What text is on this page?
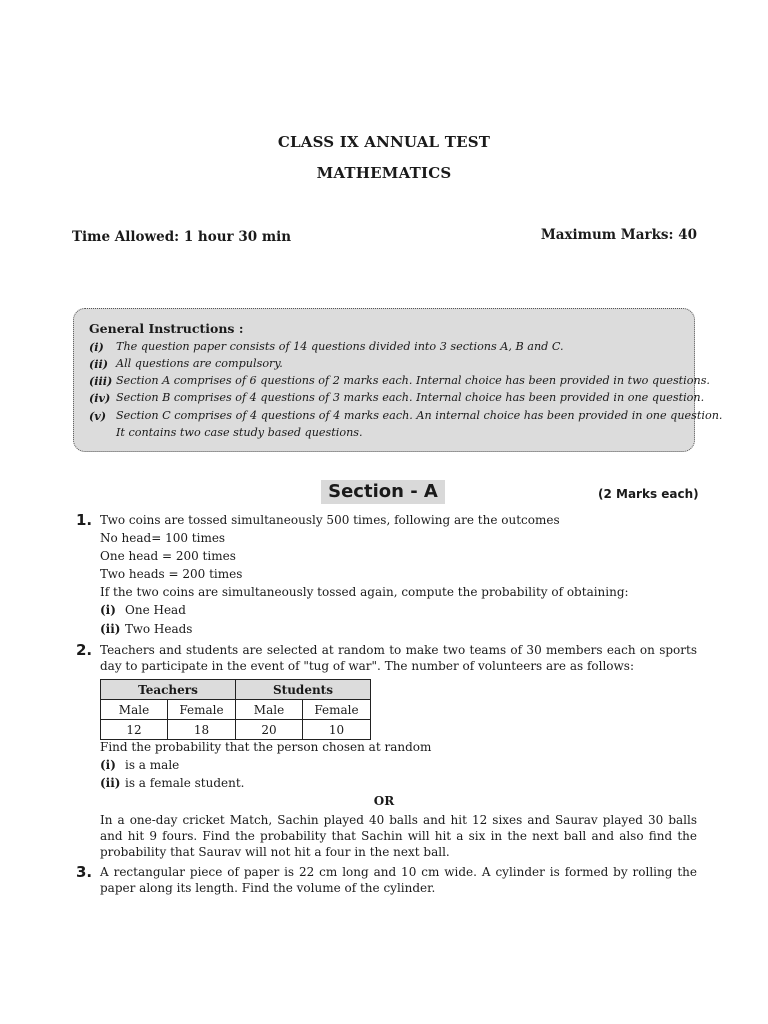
CLASS IX ANNUAL TEST
MATHEMATICS
Time Allowed: 1 hour 30 min	Maximum Marks: 40
General Instructions :
(i) The question paper consists of 14 questions divided into 3 sections A, B and C.
(ii) All questions are compulsory.
(iii) Section A comprises of 6 questions of 2 marks each. Internal choice has been provided in two questions.
(iv) Section B comprises of 4 questions of 3 marks each. Internal choice has been provided in one question.
(v) Section C comprises of 4 questions of 4 marks each. An internal choice has been provided in one question.
It contains two case study based questions.
Section - A	(2 Marks each)
1. Two coins are tossed simultaneously 500 times, following are the outcomes
No head= 100 times
One head = 200 times
Two heads = 200 times
If the two coins are simultaneously tossed again, compute the probability of obtaining:
(i) One Head
(ii) Two Heads
2. Teachers and students are selected at random to make two teams of 30 members each on sports day to participate in the event of "tug of war". The number of volunteers are as follows:
Teachers		Students	
Male	Female	Male	Female
12	18	20	10
Find the probability that the person chosen at random
(i) is a male
(ii) is a female student.
OR
In a one-day cricket Match, Sachin played 40 balls and hit 12 sixes and Saurav played 30 balls and hit 9 fours. Find the probability that Sachin will hit a six in the next ball and also find the probability that Saurav will not hit a four in the next ball.
3. A rectangular piece of paper is 22 cm long and 10 cm wide. A cylinder is formed by rolling the paper along its length. Find the volume of the cylinder.
